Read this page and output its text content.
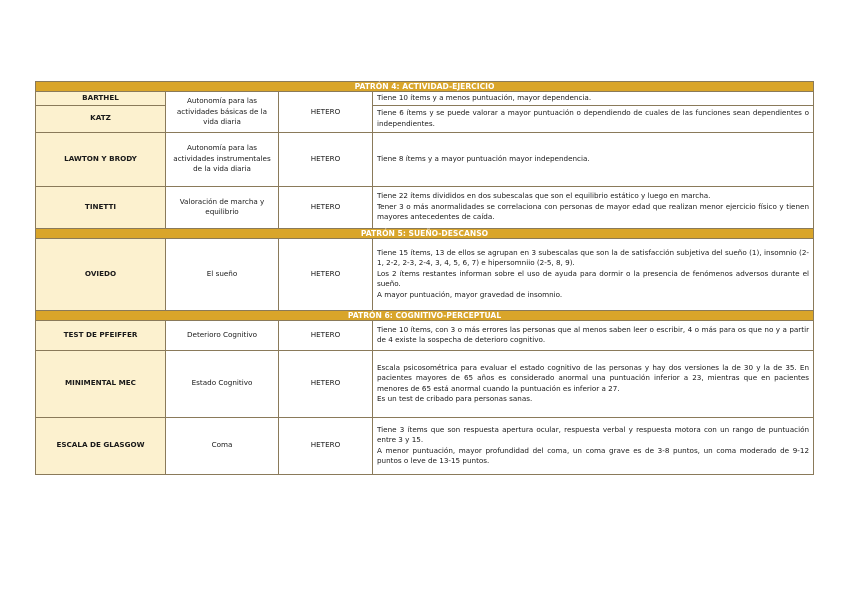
PATRÓN 4: ACTIVIDAD-EJERCICIO			
BARTHEL	Autonomía para las actividades básicas de la vida diaria	HETERO	Tiene 10 ítems y a menos puntuación, mayor dependencia.

KATZ			Tiene 6 ítems y se puede valorar a mayor puntuación o dependiendo de cuales de las funciones sean dependientes o independientes.

LAWTON Y BRODY	Autonomía para las actividades instrumentales de la vida diaria	HETERO	Tiene 8 ítems y a mayor puntuación mayor independencia.

TINETTI	Valoración de marcha y equilibrio	HETERO	Tiene 22 ítems divididos en dos subescalas que son el equilibrio estático y luego en marcha.

Tener 3 o más anormalidades se correlaciona con personas de mayor edad que realizan menor ejercicio físico y tienen mayores antecedentes de caída.

PATRÓN 5: SUEÑO-DESCANSO			
OVIEDO	El sueño	HETERO	Tiene 15 ítems, 13 de ellos se agrupan en 3 subescalas que son la de satisfacción subjetiva del sueño (1), insomnio (2-1, 2-2, 2-3, 2-4, 3, 4, 5, 6, 7) e hipersomniio (2-5, 8, 9).

Los 2 ítems restantes informan sobre el uso de ayuda para dormir o la presencia de fenómenos adversos durante el sueño.

A mayor puntuación, mayor gravedad de insomnio.

PATRÓN 6: COGNITIVO-PERCEPTUAL			
TEST DE PFEIFFER	Deterioro Cognitivo	HETERO	Tiene 10 ítems, con 3 o más errores las personas que al menos saben leer o escribir, 4 o más para os que no y a partir de 4 existe la sospecha de deterioro cognitivo.

MINIMENTAL MEC	Estado Cognitivo	HETERO	Escala psicosométrica para evaluar el estado cognitivo de las personas y hay dos versiones la de 30 y la de 35. En pacientes mayores de 65 años es considerado anormal una puntuación inferior a 23, mientras que en pacientes menores de 65 está anormal cuando la puntuación es inferior a 27.

Es un test de cribado para personas sanas.

ESCALA DE GLASGOW	Coma	HETERO	Tiene 3 ítems que son respuesta apertura ocular, respuesta verbal y respuesta motora con un rango de puntuación entre 3 y 15.

A menor puntuación, mayor profundidad del coma, un coma grave es de 3-8 puntos, un coma moderado de 9-12 puntos o leve de 13-15 puntos.
